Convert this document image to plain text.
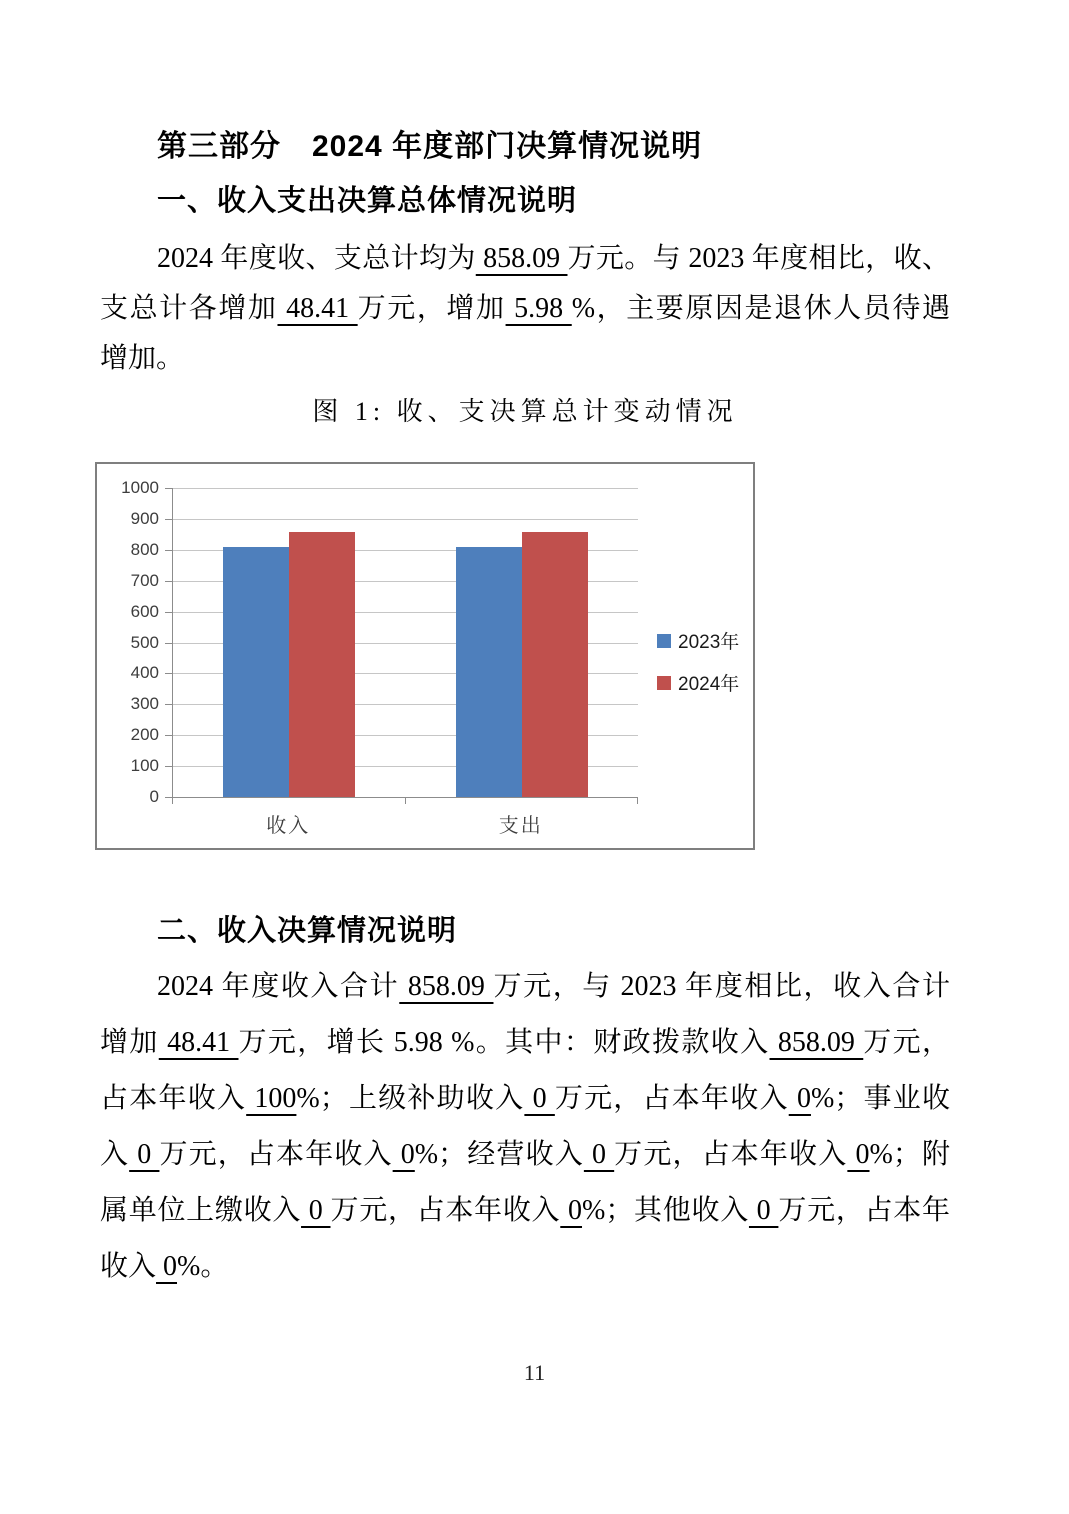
第三部分　2024 年度部门决算情况说明
一、收入支出决算总体情况说明
2024 年度收、支总计均为 858.09 万元。与 2023 年度相比，收、
支总计各增加 48.41 万元，增加 5.98 %，主要原因是退休人员待遇
增加。
图 1: 收、支决算总计变动情况
2023年
2024年
0
100
200
300
400
500
600
700
800
900
1000
收入	支出
二、收入决算情况说明
2024 年度收入合计 858.09 万元，与 2023 年度相比，收入合计
增加 48.41 万元，增长 5.98 %。其中：财政拨款收入 858.09 万元，
占本年收入 100%；上级补助收入 0 万元，占本年收入 0%；事业收
入 0 万元，占本年收入 0%；经营收入 0 万元，占本年收入 0%；附
属单位上缴收入 0 万元，占本年收入 0%；其他收入 0 万元，占本年
收入 0%。
11
